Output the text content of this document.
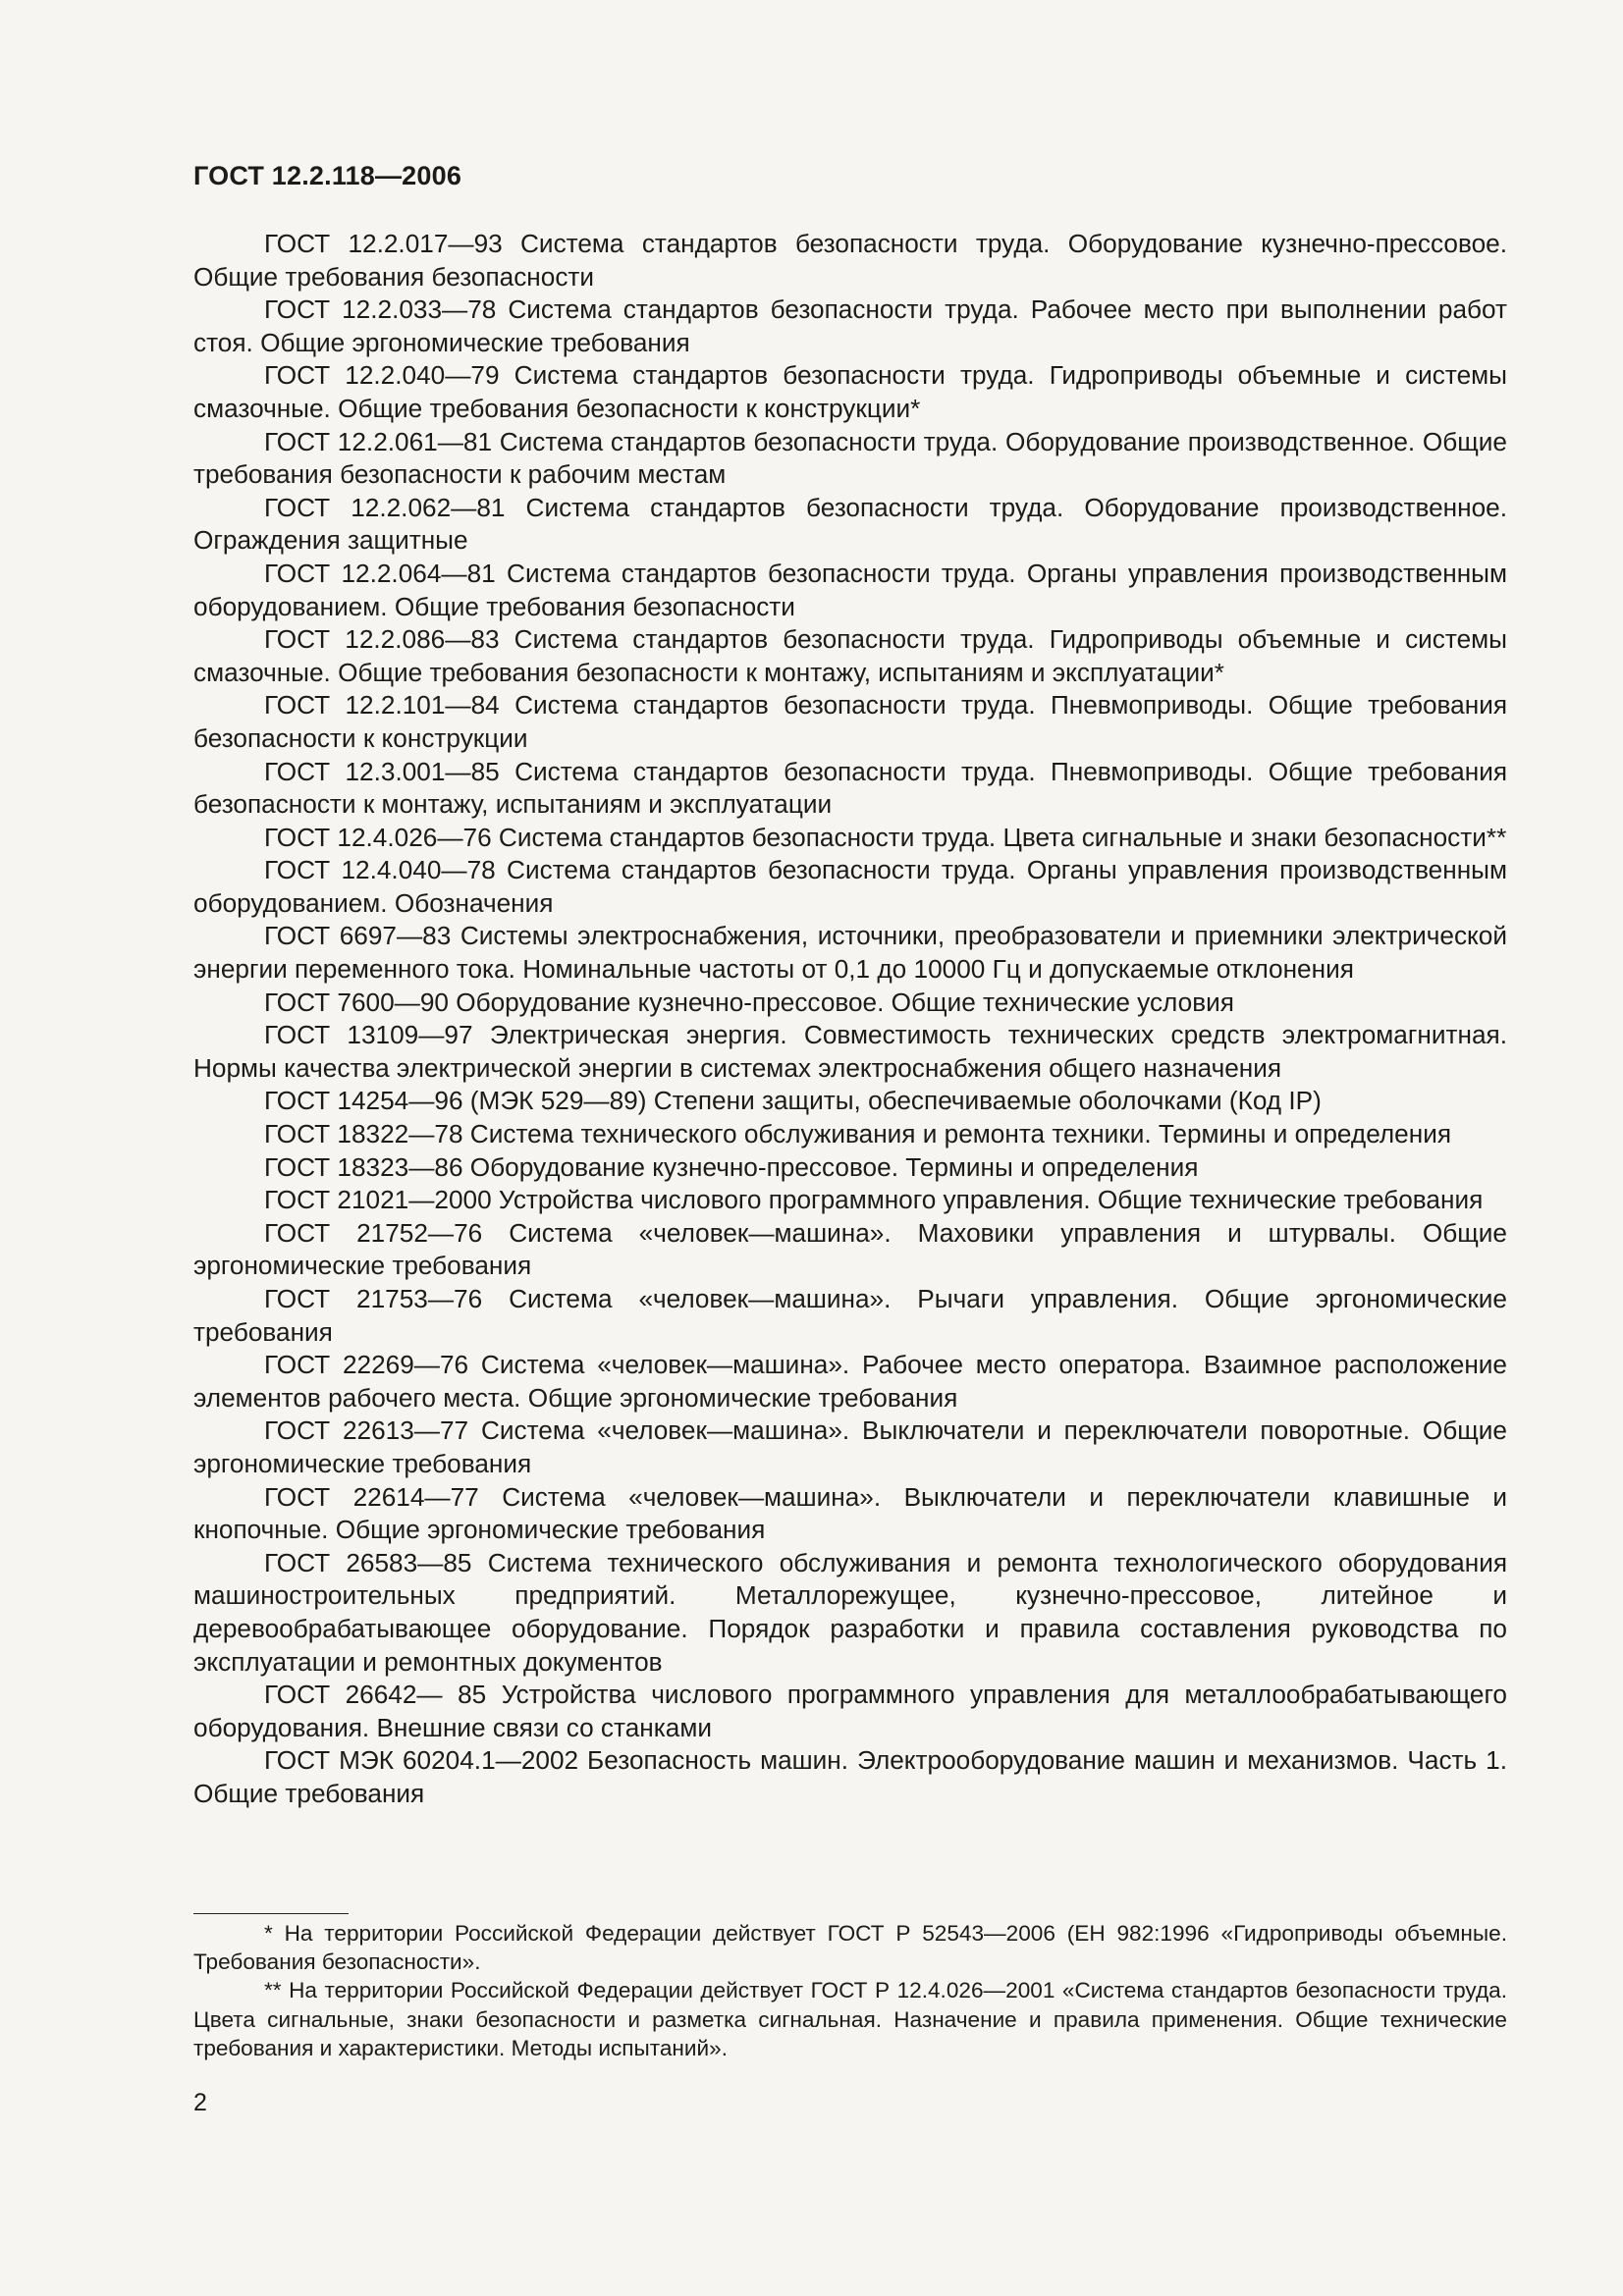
ГОСТ 12.2.118—2006

ГОСТ 12.2.017—93 Система стандартов безопасности труда. Оборудование кузнечно-прессовое. Общие требования безопасности

ГОСТ 12.2.033—78 Система стандартов безопасности труда. Рабочее место при выполнении работ стоя. Общие эргономические требования

ГОСТ 12.2.040—79 Система стандартов безопасности труда. Гидроприводы объемные и системы смазочные. Общие требования безопасности к конструкции*

ГОСТ 12.2.061—81 Система стандартов безопасности труда. Оборудование производственное. Общие требования безопасности к рабочим местам

ГОСТ 12.2.062—81 Система стандартов безопасности труда. Оборудование производственное. Ограждения защитные

ГОСТ 12.2.064—81 Система стандартов безопасности труда. Органы управления производственным оборудованием. Общие требования безопасности

ГОСТ 12.2.086—83 Система стандартов безопасности труда. Гидроприводы объемные и системы смазочные. Общие требования безопасности к монтажу, испытаниям и эксплуатации*

ГОСТ 12.2.101—84 Система стандартов безопасности труда. Пневмоприводы. Общие требования безопасности к конструкции

ГОСТ 12.3.001—85 Система стандартов безопасности труда. Пневмоприводы. Общие требования безопасности к монтажу, испытаниям и эксплуатации

ГОСТ 12.4.026—76 Система стандартов безопасности труда. Цвета сигнальные и знаки безопасности**

ГОСТ 12.4.040—78 Система стандартов безопасности труда. Органы управления производственным оборудованием. Обозначения

ГОСТ 6697—83 Системы электроснабжения, источники, преобразователи и приемники электрической энергии переменного тока. Номинальные частоты от 0,1 до 10000 Гц и допускаемые отклонения

ГОСТ 7600—90 Оборудование кузнечно-прессовое. Общие технические условия

ГОСТ 13109—97 Электрическая энергия. Совместимость технических средств электромагнитная. Нормы качества электрической энергии в системах электроснабжения общего назначения

ГОСТ 14254—96 (МЭК 529—89) Степени защиты, обеспечиваемые оболочками (Код IP)

ГОСТ 18322—78 Система технического обслуживания и ремонта техники. Термины и определения

ГОСТ 18323—86 Оборудование кузнечно-прессовое. Термины и определения

ГОСТ 21021—2000 Устройства числового программного управления. Общие технические требования

ГОСТ 21752—76 Система «человек—машина». Маховики управления и штурвалы. Общие эргономические требования

ГОСТ 21753—76 Система «человек—машина». Рычаги управления. Общие эргономические требования

ГОСТ 22269—76 Система «человек—машина». Рабочее место оператора. Взаимное расположение элементов рабочего места. Общие эргономические требования

ГОСТ 22613—77 Система «человек—машина». Выключатели и переключатели поворотные. Общие эргономические требования

ГОСТ 22614—77 Система «человек—машина». Выключатели и переключатели клавишные и кнопочные. Общие эргономические требования

ГОСТ 26583—85 Система технического обслуживания и ремонта технологического оборудования машиностроительных предприятий. Металлорежущее, кузнечно-прессовое, литейное и деревообрабатывающее оборудование. Порядок разработки и правила составления руководства по эксплуатации и ремонтных документов

ГОСТ 26642— 85 Устройства числового программного управления для металлообрабатывающего оборудования. Внешние связи со станками

ГОСТ МЭК 60204.1—2002 Безопасность машин. Электрооборудование машин и механизмов. Часть 1. Общие требования

* На территории Российской Федерации действует ГОСТ Р 52543—2006 (ЕН 982:1996 «Гидроприводы объемные. Требования безопасности».

** На территории Российской Федерации действует ГОСТ Р 12.4.026—2001 «Система стандартов безопасности труда. Цвета сигнальные, знаки безопасности и разметка сигнальная. Назначение и правила применения. Общие технические требования и характеристики. Методы испытаний».

2
